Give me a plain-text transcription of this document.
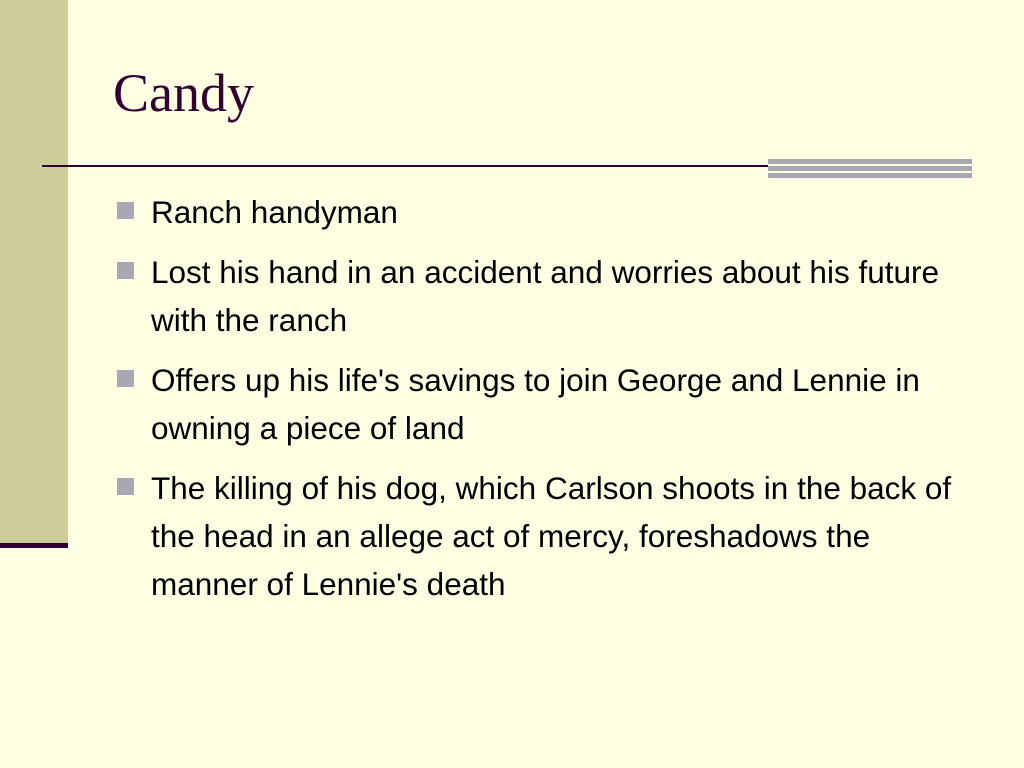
Candy
Ranch handyman
Lost his hand in an accident and worries about his future with the ranch
Offers up his life's savings to join George and Lennie in owning a piece of land
The killing of his dog, which Carlson shoots in the back of the head in an allege act of mercy, foreshadows the manner of Lennie's death
